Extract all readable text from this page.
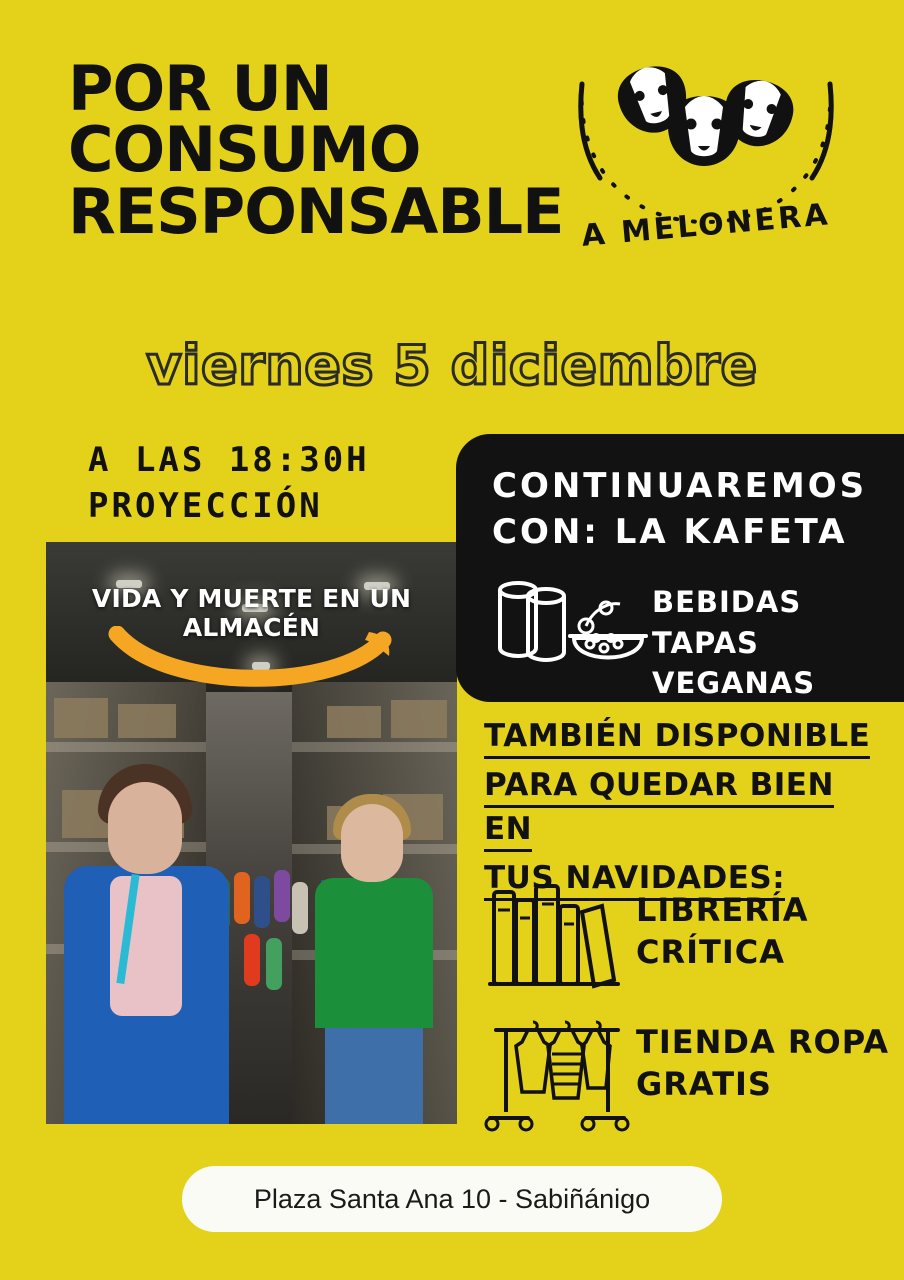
POR UN
CONSUMO
RESPONSABLE A MELONERA
viernes 5 diciembre
A LAS 18:30H
PROYECCIÓN
VIDA Y MUERTE EN UN ALMACÉN
CONTINUAREMOS
CON: LA KAFETA
BEBIDAS
TAPAS VEGANAS
TAMBIÉN DISPONIBLE
PARA QUEDAR BIEN EN
TUS NAVIDADES:
LIBRERÍA
CRÍTICA
TIENDA ROPA
GRATIS
Plaza Santa Ana 10 - Sabiñánigo
